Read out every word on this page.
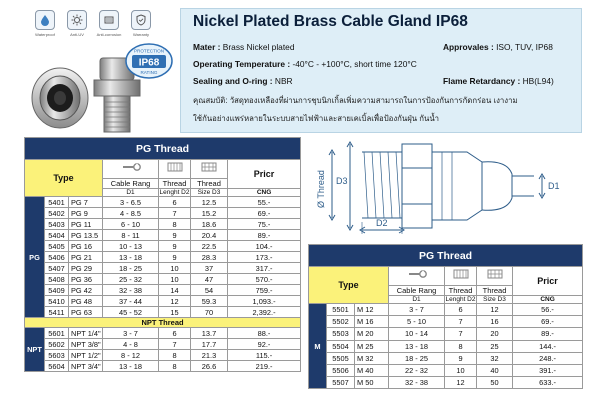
Waterproof	Anti-UV	Anti-corrosion	Warranty
PROTECTION
IP68
RATING
Nickel Plated Brass Cable Gland IP68
Mater : Brass Nickel plated	Approvales : ISO, TUV, IP68
Operating Temperature : -40°C - +100°C, short time 120°C
Sealing and O-ring : NBR	Flame Retardancy : HB(L94)
คุณสมบัติ: วัสดุทองเหลืองที่ผ่านการชุบนิกเกิ้ลเพิ่มความสามารถในการป้องกันการกัดกร่อน เงางาม
ใช้กันอย่างแพร่หลายในระบบสายไฟฟ้าและสายเคเบิ้ลเพื่อป้องกันฝุ่น กันน้ำ
D3	D1
D2
Ø Thread
PG Thread						
Type						Pricr
			Cable Rang	Thread	Thread	
			D1	Lenght D2	Size D3	CNG
PG	5401	PG 7	3 - 6.5	6	12.5	55.-
	5402	PG 9	4 - 8.5	7	15.2	69.-
	5403	PG 11	6 - 10	8	18.6	75.-
	5404	PG 13.5	8 - 11	9	20.4	89.-
	5405	PG 16	10 - 13	9	22.5	104.-
	5406	PG 21	13 - 18	9	28.3	173.-
	5407	PG 29	18 - 25	10	37	317.-
	5408	PG 36	25 - 32	10	47	570.-
	5409	PG 42	32 - 38	14	54	759.-
	5410	PG 48	37 - 44	12	59.3	1,093.-
	5411	PG 63	45 - 52	15	70	2,392.-
NPT Thread						
NPT	5601	NPT 1/4"	3 - 7	6	13.7	88.-
	5602	NPT 3/8"	4 - 8	7	17.7	92.-
	5603	NPT 1/2"	8 - 12	8	21.3	115.-
	5604	NPT 3/4"	13 - 18	8	26.6	219.-
PG Thread						
Type						Pricr
			Cable Rang	Thread	Thread	
			D1	Lenght D2	Size D3	CNG
M	5501	M 12	3 - 7	6	12	56.-
	5502	M 16	5 - 10	7	16	69.-
	5503	M 20	10 - 14	7	20	89.-
	5504	M 25	13 - 18	8	25	144.-
	5505	M 32	18 - 25	9	32	248.-
	5506	M 40	22 - 32	10	40	391.-
	5507	M 50	32 - 38	12	50	633.-
